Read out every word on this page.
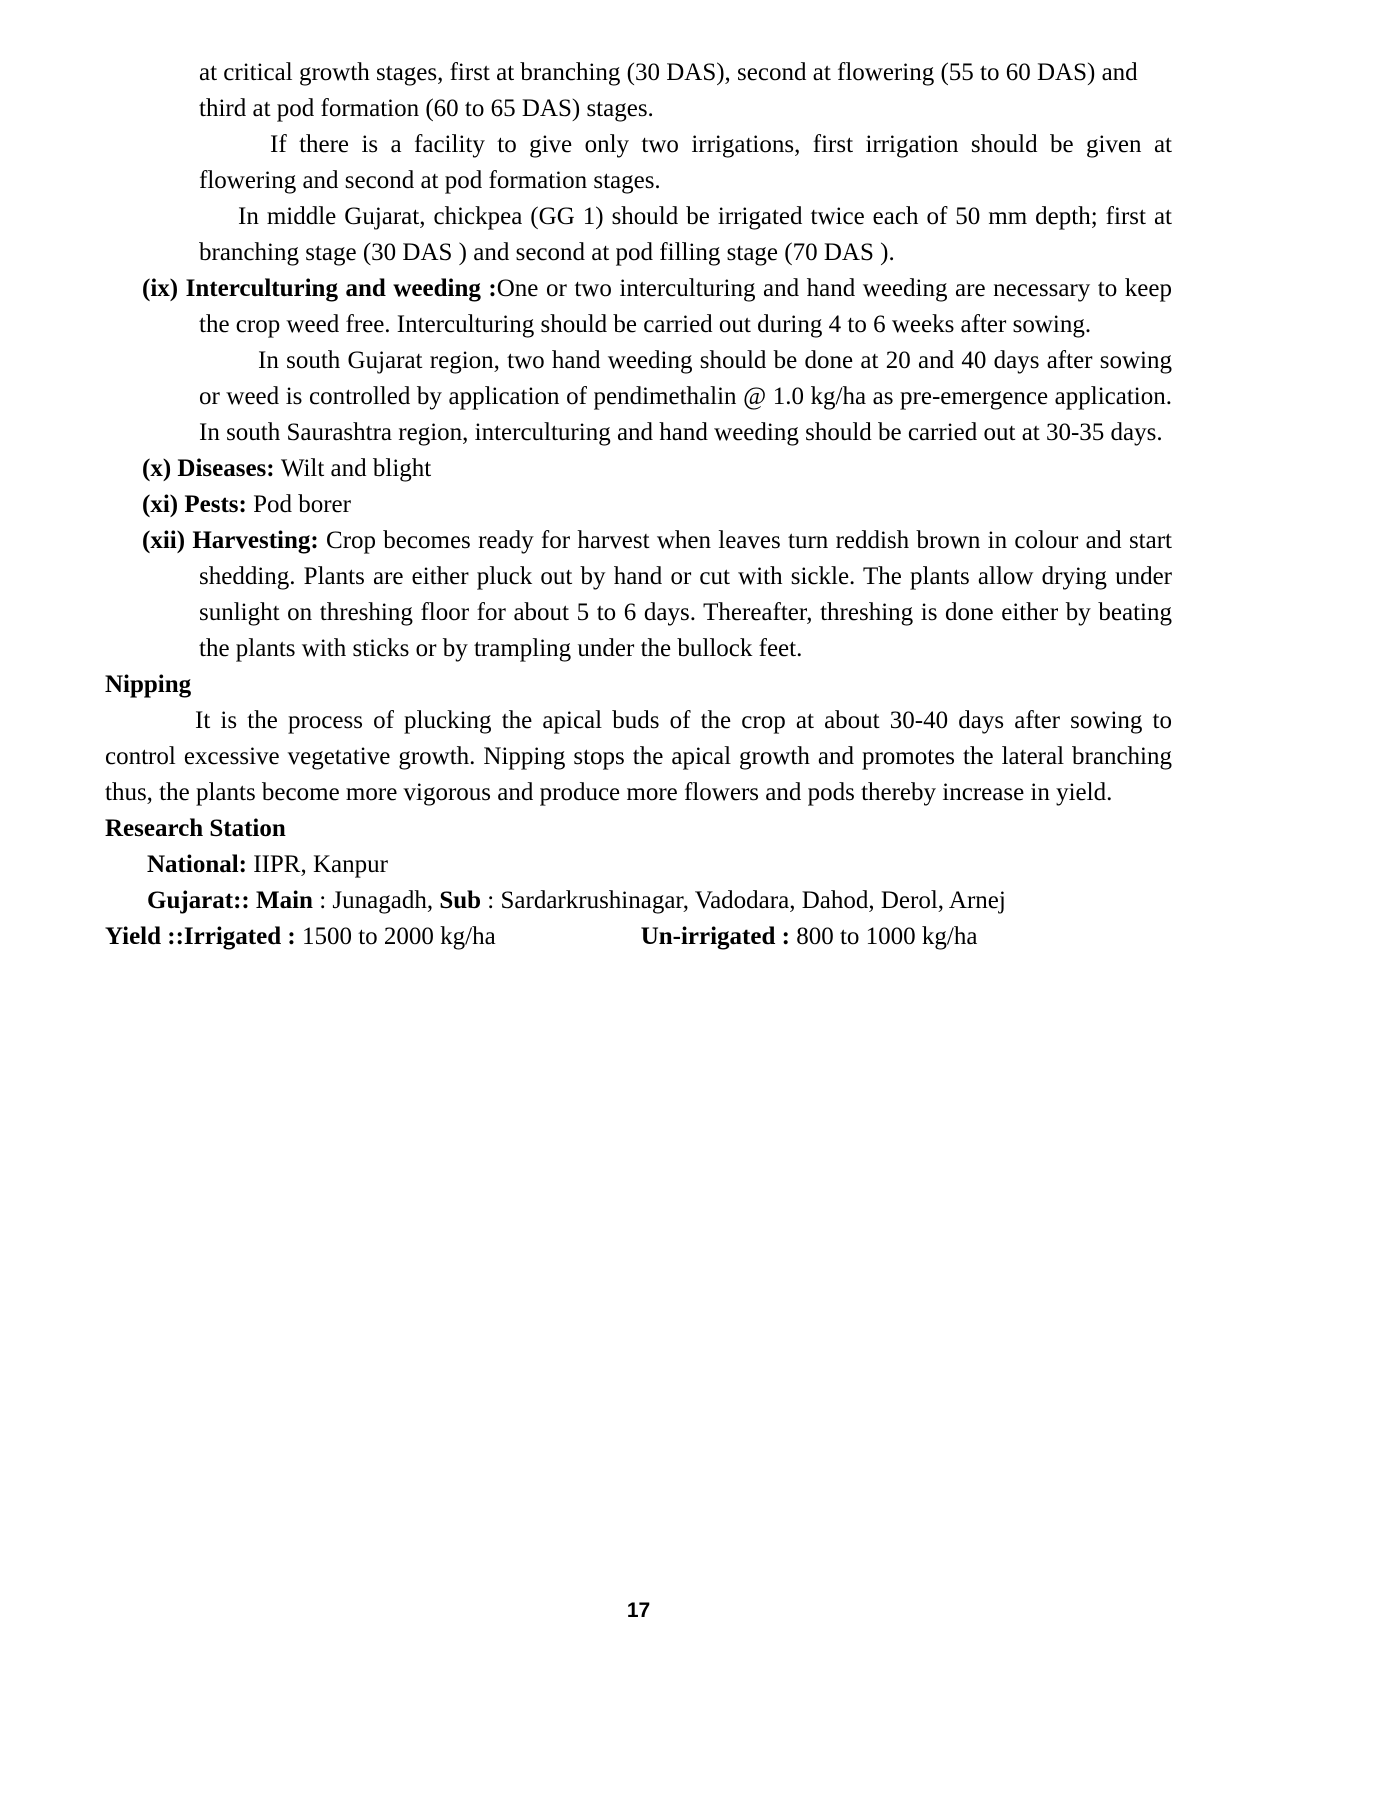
at critical growth stages, first at branching (30 DAS), second at flowering (55 to 60 DAS) and third at pod formation (60 to 65 DAS) stages.

If there is a facility to give only two irrigations, first irrigation should be given at flowering and second at pod formation stages.

In middle Gujarat, chickpea (GG 1) should be irrigated twice each of 50 mm depth; first at branching stage (30 DAS ) and second at pod filling stage (70 DAS ).

(ix) Interculturing and weeding :One or two interculturing and hand weeding are necessary to keep the crop weed free. Interculturing should be carried out during 4 to 6 weeks after sowing.

In south Gujarat region, two hand weeding should be done at 20 and 40 days after sowing or weed is controlled by application of pendimethalin @ 1.0 kg/ha as pre-emergence application. In south Saurashtra region, interculturing and hand weeding should be carried out at 30-35 days.

(x) Diseases: Wilt and blight

(xi) Pests: Pod borer

(xii) Harvesting: Crop becomes ready for harvest when leaves turn reddish brown in colour and start shedding. Plants are either pluck out by hand or cut with sickle. The plants allow drying under sunlight on threshing floor for about 5 to 6 days. Thereafter, threshing is done either by beating the plants with sticks or by trampling under the bullock feet.

Nipping

It is the process of plucking the apical buds of the crop at about 30-40 days after sowing to control excessive vegetative growth. Nipping stops the apical growth and promotes the lateral branching thus, the plants become more vigorous and produce more flowers and pods thereby increase in yield.

Research Station

National: IIPR, Kanpur

Gujarat:: Main : Junagadh, Sub : Sardarkrushinagar, Vadodara, Dahod, Derol, Arnej

Yield ::Irrigated : 1500 to 2000 kg/ha	Un-irrigated : 800 to 1000 kg/ha

17
